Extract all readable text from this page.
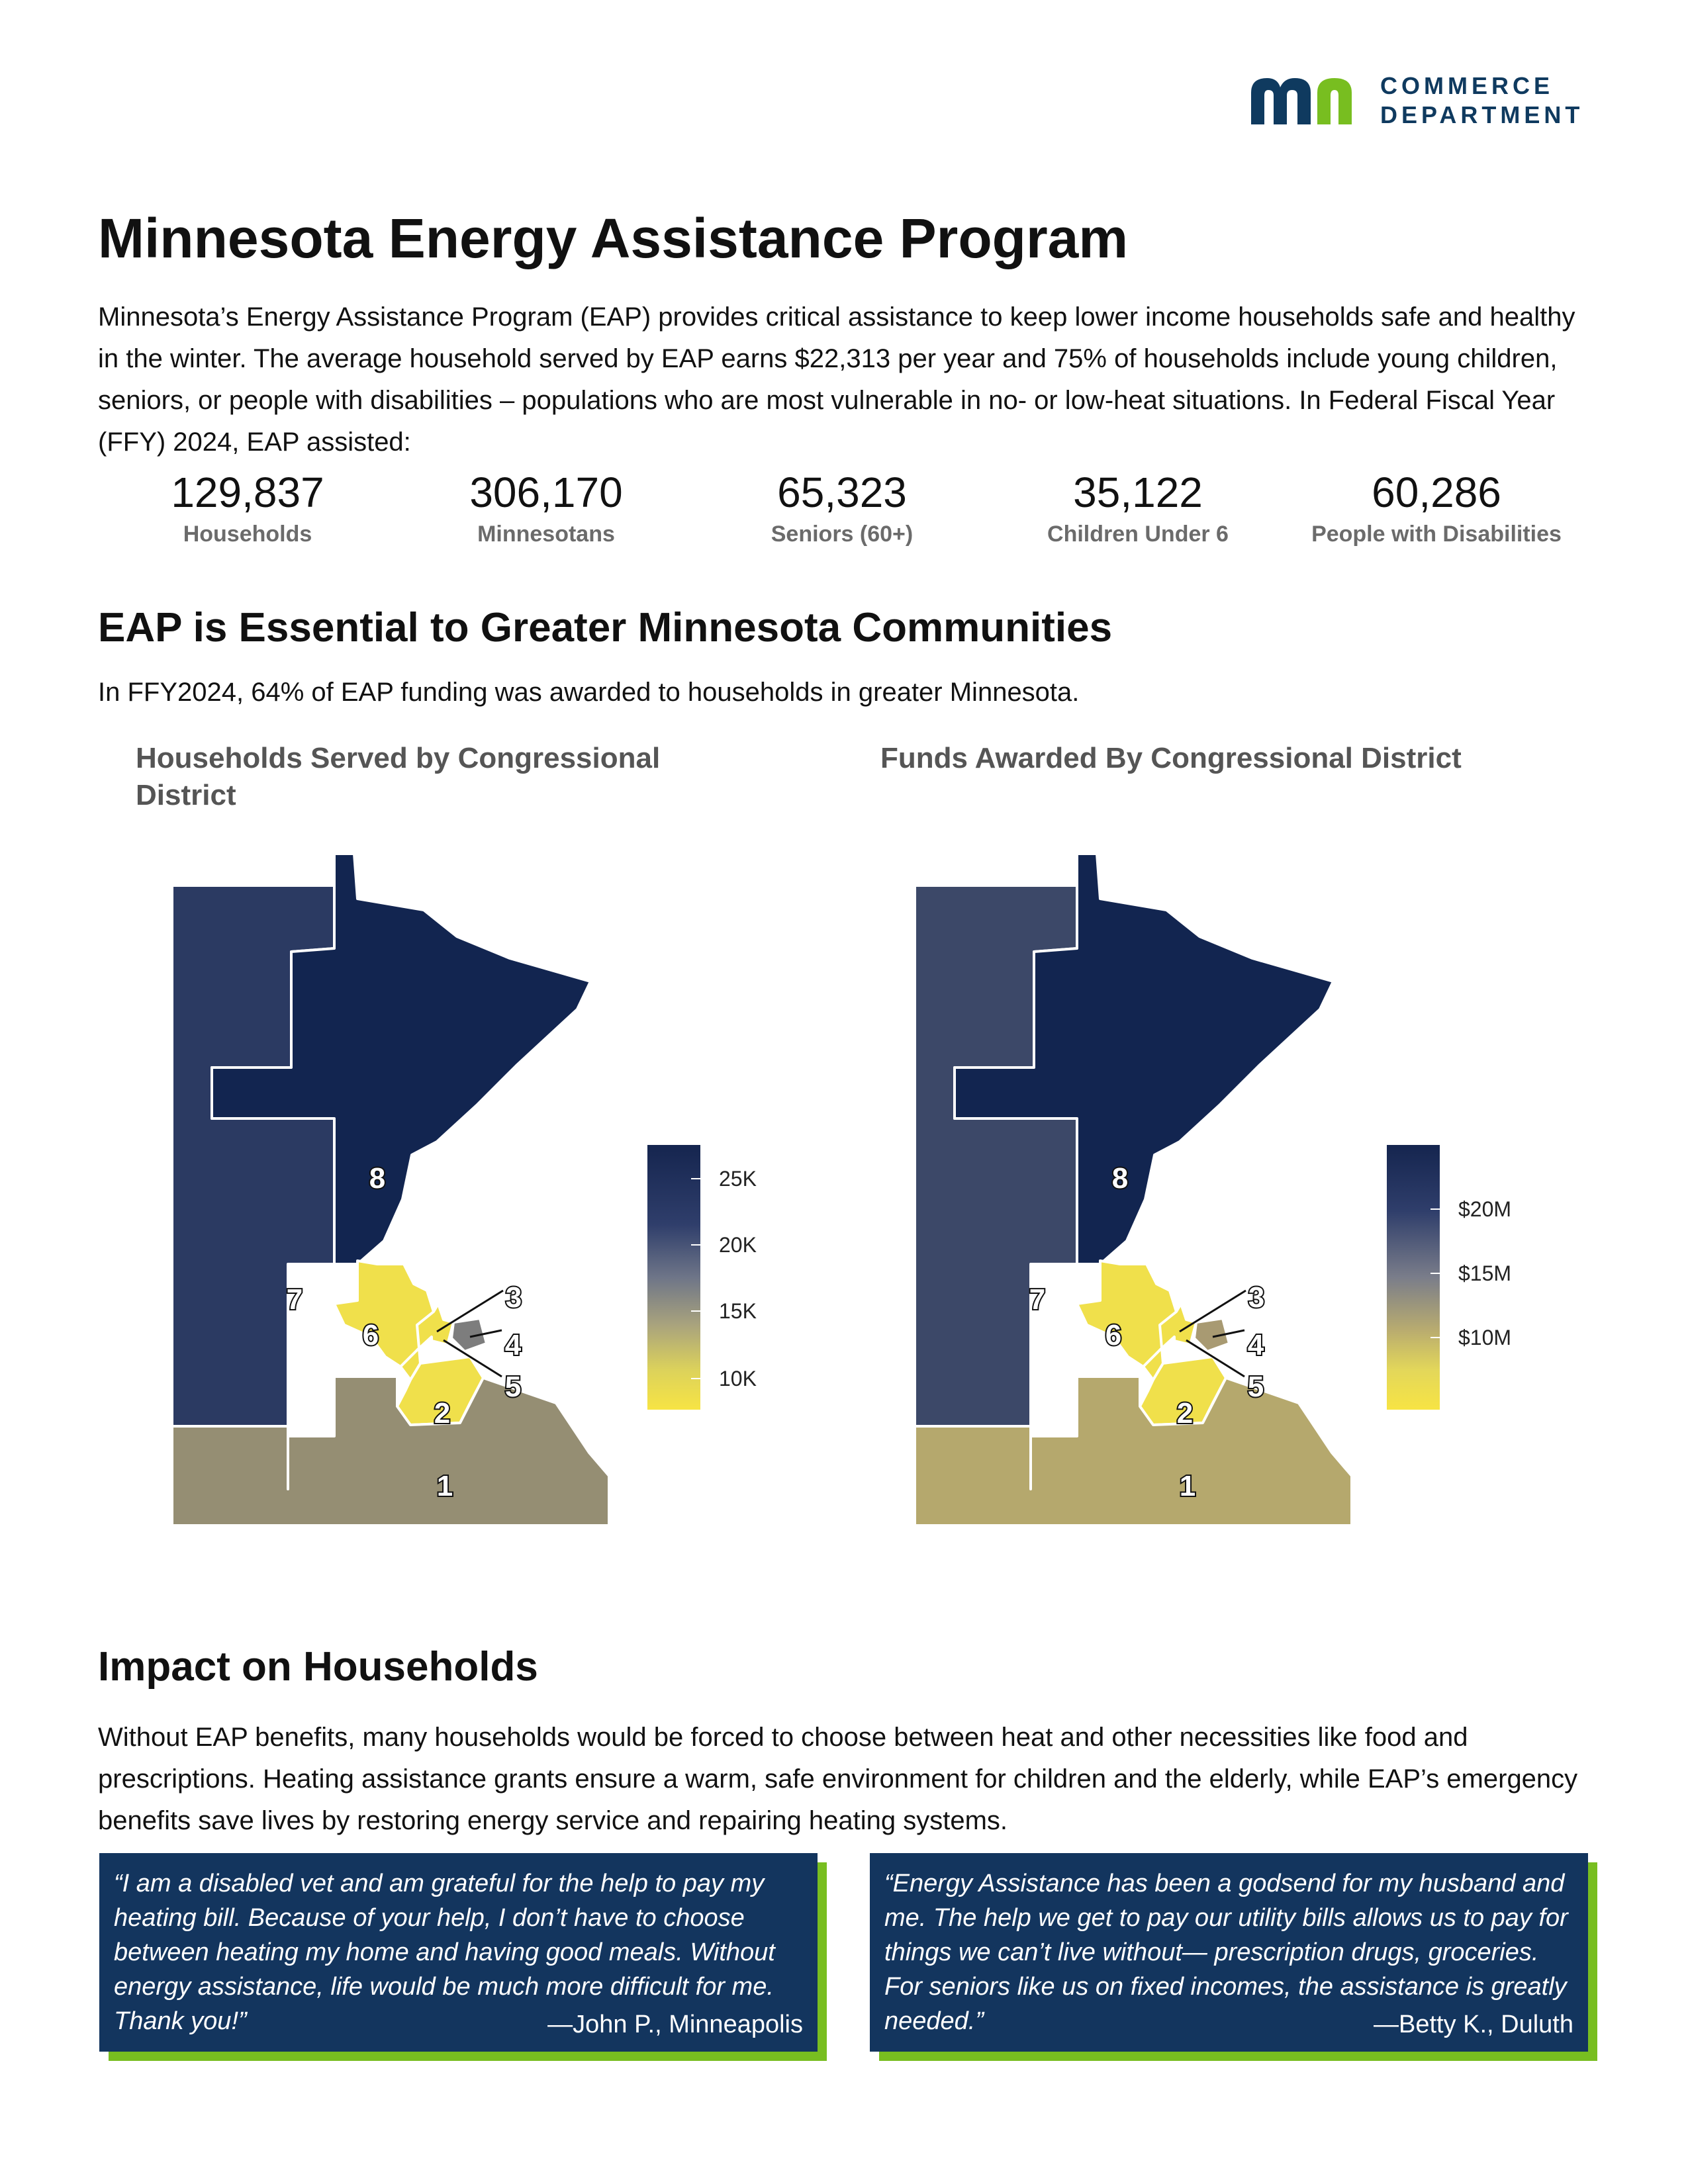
COMMERCE
DEPARTMENT
Minnesota Energy Assistance Program

Minnesota’s Energy Assistance Program (EAP) provides critical assistance to keep lower income households safe and healthy in the winter. The average household served by EAP earns $22,313 per year and 75% of households include young children, seniors, or people with disabilities – populations who are most vulnerable in no- or low-heat situations. In Federal Fiscal Year (FFY) 2024, EAP assisted:

129,837
Households
306,170
Minnesotans
65,323
Seniors (60+)
35,122
Children Under 6
60,286
People with Disabilities
EAP is Essential to Greater Minnesota Communities

In FFY2024, 64% of EAP funding was awarded to households in greater Minnesota.

Households Served by Congressional District
Funds Awarded By Congressional District
8
7
6
3
4
5
2
1
8
7
6
3
4
5
2
1
25K
20K
15K
10K
$20M
$15M
$10M
Impact on Households

Without EAP benefits, many households would be forced to choose between heat and other necessities like food and prescriptions. Heating assistance grants ensure a warm, safe environment for children and the elderly, while EAP’s emergency benefits save lives by restoring energy service and repairing heating systems.

“I am a disabled vet and am grateful for the help to pay my heating bill. Because of your help, I don’t have to choose between heating my home and having good meals. Without energy assistance, life would be much more difficult for me. Thank you!”	—John P., Minneapolis

“Energy Assistance has been a godsend for my husband and me. The help we get to pay our utility bills allows us to pay for things we can’t live without— prescription drugs, groceries. For seniors like us on fixed incomes, the assistance is greatly needed.”	—Betty K., Duluth
